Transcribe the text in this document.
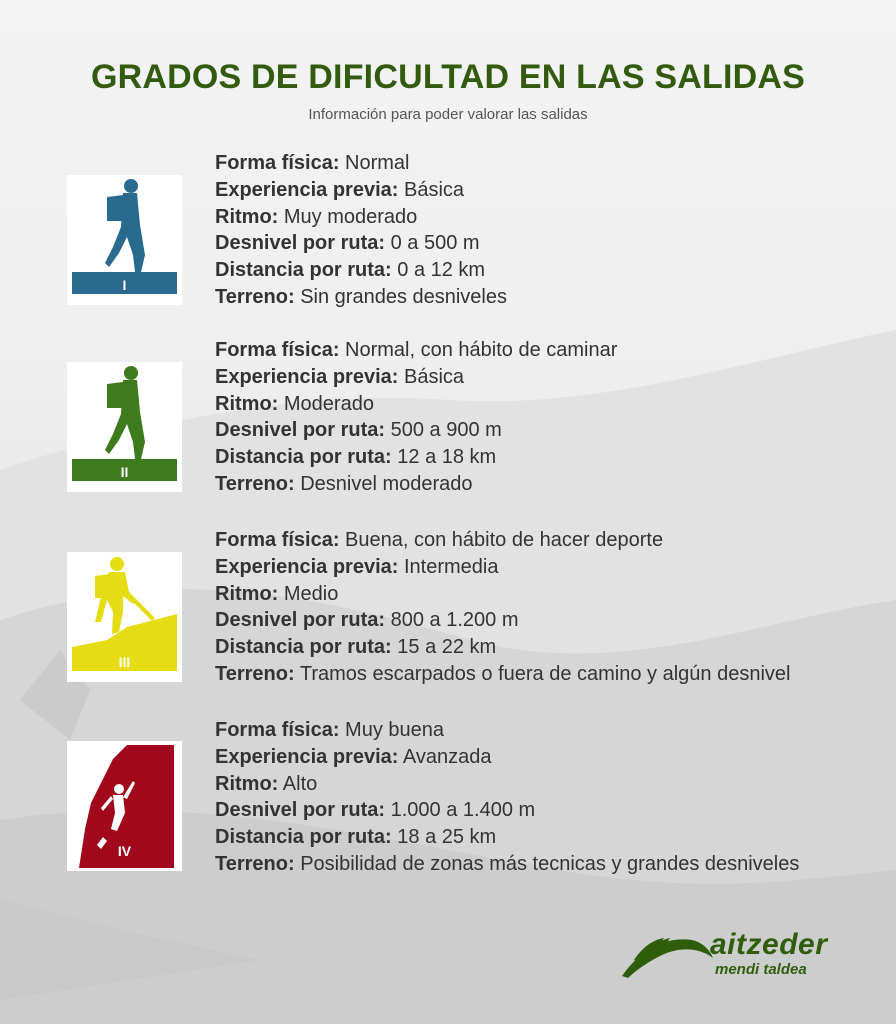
GRADOS DE DIFICULTAD EN LAS SALIDAS

Información para poder valorar las salidas

I
Forma física: Normal
Experiencia previa: Básica
Ritmo: Muy moderado
Desnivel por ruta: 0 a 500 m
Distancia por ruta: 0 a 12 km
Terreno: Sin grandes desniveles
II
Forma física: Normal, con hábito de caminar
Experiencia previa: Básica
Ritmo: Moderado
Desnivel por ruta: 500 a 900 m
Distancia por ruta: 12 a 18 km
Terreno: Desnivel moderado
III
Forma física: Buena, con hábito de hacer deporte
Experiencia previa: Intermedia
Ritmo: Medio
Desnivel por ruta: 800 a 1.200 m
Distancia por ruta: 15 a 22 km
Terreno: Tramos escarpados o fuera de camino y algún desnivel
IV
Forma física: Muy buena
Experiencia previa: Avanzada
Ritmo: Alto
Desnivel por ruta: 1.000 a 1.400 m
Distancia por ruta: 18 a 25 km
Terreno: Posibilidad de zonas más tecnicas y grandes desniveles
aitzeder
mendi taldea
